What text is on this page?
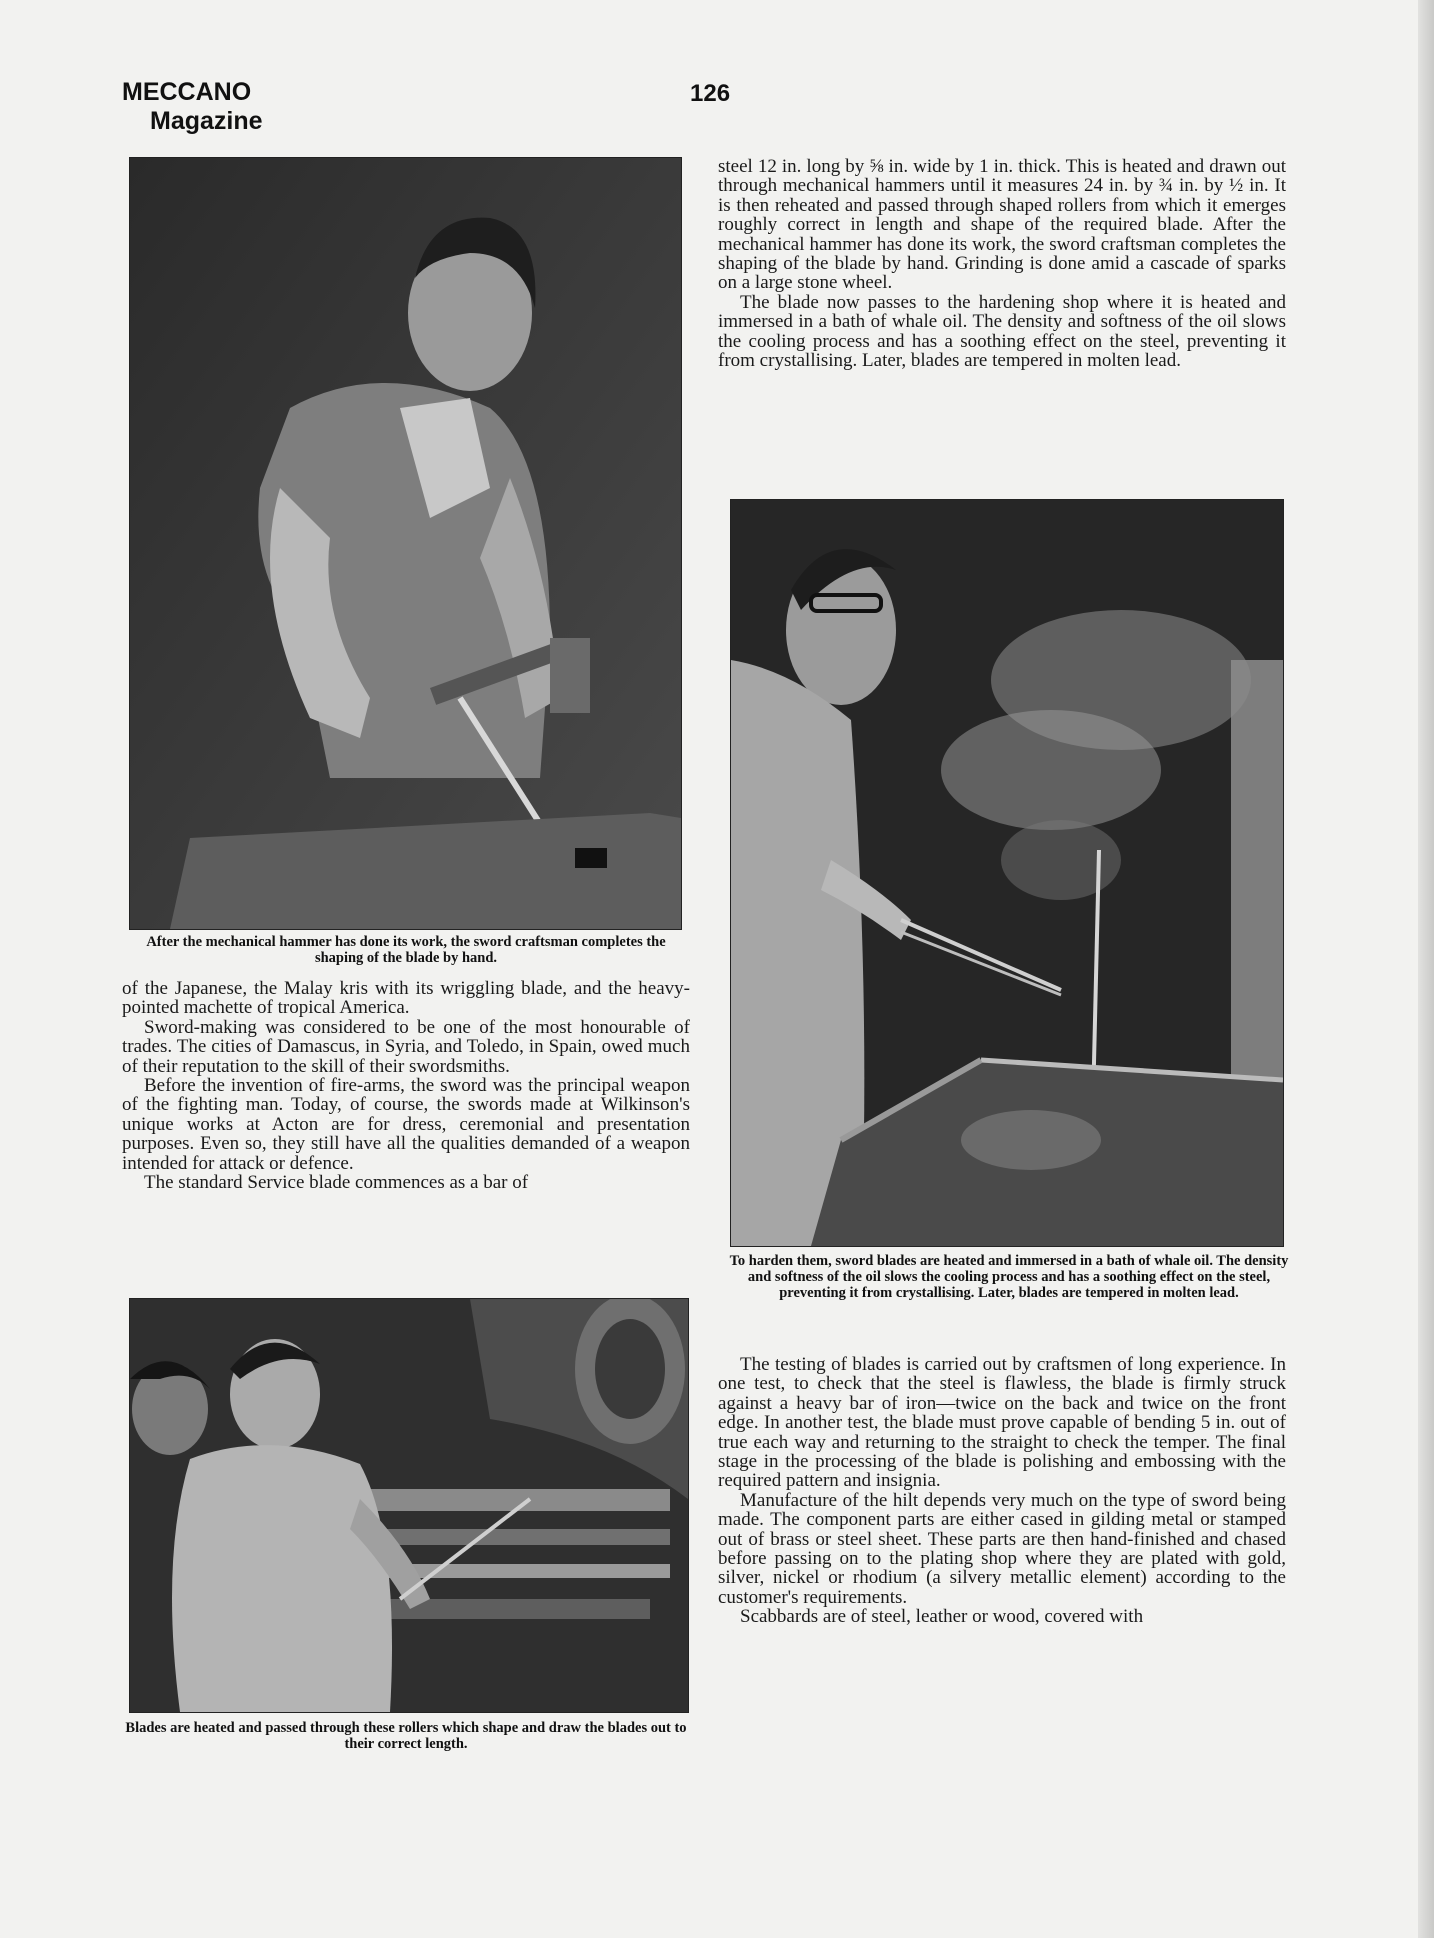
MECCANO
Magazine
126
After the mechanical hammer has done its work, the sword craftsman completes the shaping of the blade by hand.

of the Japanese, the Malay kris with its wriggling blade, and the heavy-pointed machette of tropical America.

Sword-making was considered to be one of the most honourable of trades. The cities of Damascus, in Syria, and Toledo, in Spain, owed much of their reputation to the skill of their swordsmiths.

Before the invention of fire-arms, the sword was the principal weapon of the fighting man. Today, of course, the swords made at Wilkinson's unique works at Acton are for dress, ceremonial and presentation purposes. Even so, they still have all the qualities demanded of a weapon intended for attack or defence.

The standard Service blade commences as a bar of

Blades are heated and passed through these rollers which shape and draw the blades out to their correct length.

steel 12 in. long by ⅝ in. wide by 1 in. thick. This is heated and drawn out through mechanical hammers until it measures 24 in. by ¾ in. by ½ in. It is then reheated and passed through shaped rollers from which it emerges roughly correct in length and shape of the required blade. After the mechanical hammer has done its work, the sword craftsman completes the shaping of the blade by hand. Grinding is done amid a cascade of sparks on a large stone wheel.

The blade now passes to the hardening shop where it is heated and immersed in a bath of whale oil. The density and softness of the oil slows the cooling process and has a soothing effect on the steel, preventing it from crystallising. Later, blades are tempered in molten lead.

To harden them, sword blades are heated and immersed in a bath of whale oil. The density and softness of the oil slows the cooling process and has a soothing effect on the steel, preventing it from crystallising. Later, blades are tempered in molten lead.

The testing of blades is carried out by craftsmen of long experience. In one test, to check that the steel is flawless, the blade is firmly struck against a heavy bar of iron—twice on the back and twice on the front edge. In another test, the blade must prove capable of bending 5 in. out of true each way and returning to the straight to check the temper. The final stage in the processing of the blade is polishing and embossing with the required pattern and insignia.

Manufacture of the hilt depends very much on the type of sword being made. The component parts are either cased in gilding metal or stamped out of brass or steel sheet. These parts are then hand-finished and chased before passing on to the plating shop where they are plated with gold, silver, nickel or rhodium (a silvery metallic element) according to the customer's requirements.

Scabbards are of steel, leather or wood, covered with
